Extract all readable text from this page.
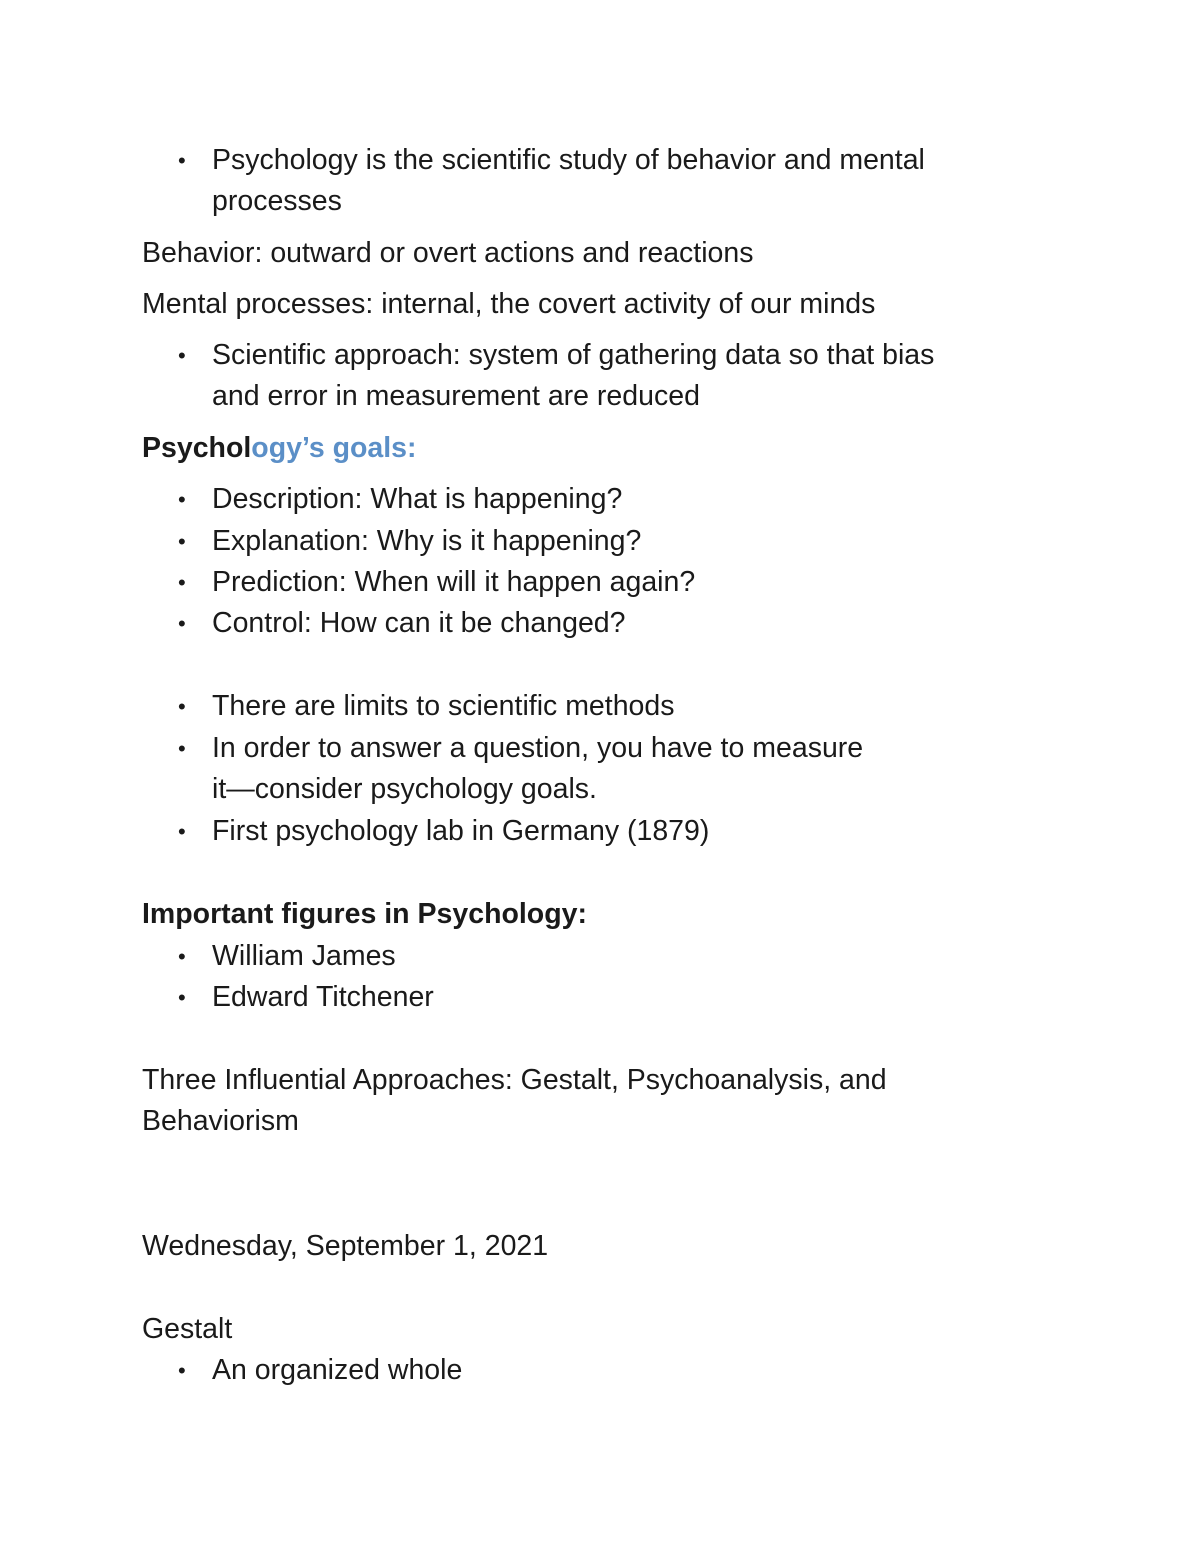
• Psychology is the scientific study of behavior and mental
processes

Behavior: outward or overt actions and reactions

Mental processes: internal, the covert activity of our minds

• Scientific approach: system of gathering data so that bias
and error in measurement are reduced

Psychology’s goals:

• Description: What is happening?
• Explanation: Why is it happening?
• Prediction: When will it happen again?
• Control: How can it be changed?
• There are limits to scientific methods
• In order to answer a question, you have to measure
it—consider psychology goals.
• First psychology lab in Germany (1879)

Important figures in Psychology:

• William James
• Edward Titchener

Three Influential Approaches: Gestalt, Psychoanalysis, and

Behaviorism

Wednesday, September 1, 2021

Gestalt

• An organized whole
